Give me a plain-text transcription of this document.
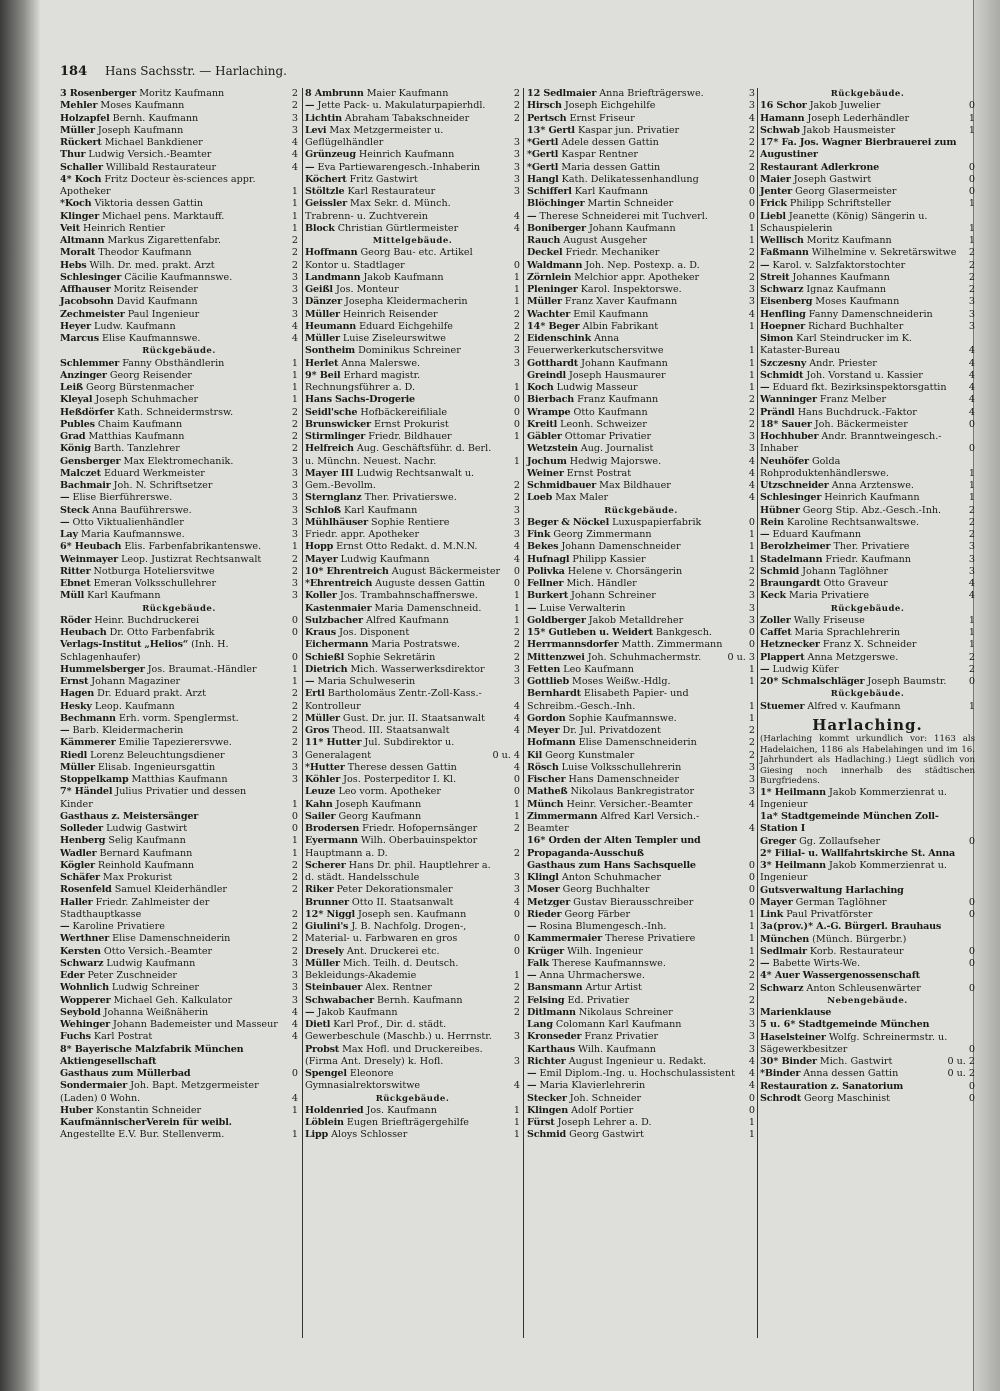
184 Hans Sachsstr. — Harlaching.
3 Rosenberger Moritz Kaufmann	2
Mehler Moses Kaufmann	2
Holzapfel Bernh. Kaufmann	3
Müller Joseph Kaufmann	3
Rückert Michael Bankdiener	4
Thur Ludwig Versich.-Beamter	4
Schaller Willibald Restaurateur	4
4* Koch Fritz Docteur ès-sciences appr. Apotheker	1
*Koch Viktoria dessen Gattin	1
Klinger Michael pens. Marktauff.	1
Veit Heinrich Rentier	1
Altmann Markus Zigarettenfabr.	2
Moralt Theodor Kaufmann	2
Hebs Wilh. Dr. med. prakt. Arzt	2
Schlesinger Cäcilie Kaufmannswe.	3
Affhauser Moritz Reisender	3
Jacobsohn David Kaufmann	3
Zechmeister Paul Ingenieur	3
Heyer Ludw. Kaufmann	4
Marcus Elise Kaufmannswe.	4
Rückgebäude.
Schlemmer Fanny Obsthändlerin	1
Anzinger Georg Reisender	1
Leiß Georg Bürstenmacher	1
Kleyal Joseph Schuhmacher	1
Heßdörfer Kath. Schneidermstrsw.	2
Publes Chaim Kaufmann	2
Grad Matthias Kaufmann	2
König Barth. Tanzlehrer	2
Gensberger Max Elektromechanik.	3
Malczet Eduard Werkmeister	3
Bachmair Joh. N. Schriftsetzer	3
— Elise Bierführerswe.	3
Steck Anna Bauführerswe.	3
— Otto Viktualienhändler	3
Lay Maria Kaufmannswe.	3
6* Heubach Elis. Farbenfabrikantenswe.	1
Weinmayer Leop. Justizrat Rechtsanwalt	2
Ritter Notburga Hoteliersvitwe	2
Ebnet Emeran Volksschullehrer	3
Müll Karl Kaufmann	3
Rückgebäude.
Röder Heinr. Buchdruckerei	0
Heubach Dr. Otto Farbenfabrik	0
Verlags-Institut „Helios“ (Inh. H. Schlagenhaufer)	0
Hummelsberger Jos. Braumat.-Händler	1
Ernst Johann Magaziner	1
Hagen Dr. Eduard prakt. Arzt	2
Hesky Leop. Kaufmann	2
Bechmann Erh. vorm. Spenglermst.	2
— Barb. Kleidermacherin	2
Kämmerer Emilie Tapezierersvwe.	2
Riedl Lorenz Beleuchtungsdiener	3
Müller Elisab. Ingenieursgattin	3
Stoppelkamp Matthias Kaufmann	3
7* Händel Julius Privatier und dessen Kinder	1
Gasthaus z. Meistersänger	0
Solleder Ludwig Gastwirt	0
Henberg Selig Kaufmann	1
Wadler Bernard Kaufmann	1
Kögler Reinhold Kaufmann	2
Schäfer Max Prokurist	2
Rosenfeld Samuel Kleiderhändler	2
Haller Friedr. Zahlmeister der Stadthauptkasse	2
— Karoline Privatiere	2
Werthner Elise Damenschneiderin	2
Kersten Otto Versich.-Beamter	2
Schwarz Ludwig Kaufmann	3
Eder Peter Zuschneider	3
Wohnlich Ludwig Schreiner	3
Wopperer Michael Geh. Kalkulator	3
Seybold Johanna Weißnäherin	4
Wehinger Johann Bademeister und Masseur 4
Fuchs Karl Postrat	4
8* Bayerische Malzfabrik München Aktiengesellschaft
Gasthaus zum Müllerbad	0
Sondermaier Joh. Bapt. Metzgermeister (Laden) 0 Wohn.	4
Huber Konstantin Schneider	1
KaufmännischerVerein für weibl. Angestellte E.V. Bur. Stellenverm.	1
8 Ambrunn Maier Kaufmann	2
— Jette Pack- u. Makulaturpapierhdl.	2
Lichtin Abraham Tabakschneider	2
Levi Max Metzgermeister u. Geflügelhändler	3
Grünzeug Heinrich Kaufmann	3
— Eva Partiewarengesch.-Inhaberin	3
Köchert Fritz Gastwirt	3
Stöltzle Karl Restaurateur	3
Geissler Max Sekr. d. Münch. Trabrenn- u. Zuchtverein	4
Block Christian Gürtlermeister	4
Mittelgebäude.
Hoffmann Georg Bau- etc. Artikel Kontor u. Stadtlager	0
Landmann Jakob Kaufmann	1
Geißl Jos. Monteur	1
Dänzer Josepha Kleidermacherin	1
Müller Heinrich Reisender	2
Heumann Eduard Eichgehilfe	2
Müller Luise Ziseleurswitwe	2
Sontheim Dominikus Schreiner	3
Herlet Anna Malerswe.	3
9* Beil Erhard magistr. Rechnungsführer a. D.	1
Hans Sachs-Drogerie	0
Seidl'sche Hofbäckereifiliale	0
Brunswicker Ernst Prokurist	0
Stirmlinger Friedr. Bildhauer	1
Helfreich Aug. Geschäftsführ. d. Berl. u. Münchn. Neuest. Nachr.	1
Mayer III Ludwig Rechtsanwalt u. Gem.-Bevollm.	2
Sternglanz Ther. Privatierswe.	2
Schloß Karl Kaufmann	3
Mühlhäuser Sophie Rentiere	3
Friedr. appr. Apotheker	3
Hopp Ernst Otto Redakt. d. M.N.N.	4
Mayer Ludwig Kaufmann	4
10* Ehrentreich August Bäckermeister 0
*Ehrentreich Auguste dessen Gattin	0
Koller Jos. Trambahnschaffnerswe.	1
Kastenmaier Maria Damenschneid.	1
Sulzbacher Alfred Kaufmann	1
Kraus Jos. Disponent	2
Eichermann Maria Postratswe.	2
Schießl Sophie Sekretärin	2
Dietrich Mich. Wasserwerksdirektor	3
— Maria Schulweserin	3
Ertl Bartholomäus Zentr.-Zoll-Kass.-Kontrolleur	4
Müller Gust. Dr. jur. II. Staatsanwalt	4
Gros Theod. III. Staatsanwalt	4
11* Hutter Jul. Subdirektor u. Generalagent	0 u. 4
*Hutter Therese dessen Gattin	4
Köhler Jos. Posterpeditor I. Kl.	0
Leuze Leo vorm. Apotheker	0
Kahn Joseph Kaufmann	1
Sailer Georg Kaufmann	1
Brodersen Friedr. Hofopernsänger	2
Eyermann Wilh. Oberbauinspektor Hauptmann a. D.	2
Scherer Hans Dr. phil. Hauptlehrer a. d. städt. Handelsschule	3
Riker Peter Dekorationsmaler	3
Brunner Otto II. Staatsanwalt	4
12* Niggl Joseph sen. Kaufmann	0
Giulini's J. B. Nachfolg. Drogen-, Material- u. Farbwaren en gros	0
Dresely Ant. Druckerei etc.	0
Müller Mich. Teilh. d. Deutsch. Bekleidungs-Akademie	1
Steinbauer Alex. Rentner	2
Schwabacher Bernh. Kaufmann	2
— Jakob Kaufmann	2
Dietl Karl Prof., Dir. d. städt. Gewerbeschule (Maschb.) u. Herrnstr. 3
Probst Max Hofl. und Druckereibes. (Firma Ant. Dresely) k. Hofl.	3
Spengel Eleonore Gymnasialrektorswitwe	4
Rückgebäude.
Holdenried Jos. Kaufmann	1
Löblein Eugen Briefträgergehilfe	1
Lipp Aloys Schlosser	1
12 Sedlmaier Anna Briefträgerswe.	3
Hirsch Joseph Eichgehilfe	3
Pertsch Ernst Friseur	4
13* Gertl Kaspar jun. Privatier	2
*Gertl Adele dessen Gattin	2
*Gertl Kaspar Rentner	2
*Gertl Maria dessen Gattin	2
Hangl Kath. Delikatessenhandlung	0
Schifferl Karl Kaufmann	0
Blöchinger Martin Schneider	0
— Therese Schneiderei mit Tuchverl.	0
Boniberger Johann Kaufmann	1
Rauch August Ausgeher	1
Deckel Friedr. Mechaniker	2
Waldmann Joh. Nep. Postexp. a. D.	2
Zörnlein Melchior appr. Apotheker	2
Pleninger Karol. Inspektorswe.	3
Müller Franz Xaver Kaufmann	3
Wachter Emil Kaufmann	4
14* Beger Albin Fabrikant	1
Eidenschink Anna Feuerwerkerkutschersvitwe	1
Gotthardt Johann Kaufmann	1
Greindl Joseph Hausmaurer	1
Koch Ludwig Masseur	1
Bierbach Franz Kaufmann	2
Wrampe Otto Kaufmann	2
Kreitl Leonh. Schweizer	2
Gäbler Ottomar Privatier	3
Wetzstein Aug. Journalist	3
Jochum Hedwig Majorswe.	4
Weiner Ernst Postrat	4
Schmidbauer Max Bildhauer	4
Loeb Max Maler	4
Rückgebäude.
Beger & Nöckel Luxuspapierfabrik	0
Fink Georg Zimmermann	1
Bekes Johann Damenschneider	1
Hufnagl Philipp Kassier	1
Polivka Helene v. Chorsängerin	2
Fellner Mich. Händler	2
Burkert Johann Schreiner	3
— Luise Verwalterin	3
Goldberger Jakob Metalldreher	3
15* Gutleben u. Weidert Bankgesch.	0
Herrmannsdorfer Matth. Zimmermann	0
Mittenzwei Joh. Schuhmachermstr.	0 u. 3
Fetten Leo Kaufmann	1
Gottlieb Moses Weißw.-Hdlg.	1
Bernhardt Elisabeth Papier- und Schreibm.-Gesch.-Inh.	1
Gordon Sophie Kaufmannswe.	1
Meyer Dr. Jul. Privatdozent	2
Hofmann Elise Damenschneiderin	2
Kil Georg Kunstmaler	2
Rösch Luise Volksschullehrerin	3
Fischer Hans Damenschneider	3
Matheß Nikolaus Bankregistrator	3
Münch Heinr. Versicher.-Beamter	4
Zimmermann Alfred Karl Versich.-Beamter	4
16* Orden der Alten Templer und Propaganda-Ausschuß
Gasthaus zum Hans Sachsquelle	0
Klingl Anton Schuhmacher	0
Moser Georg Buchhalter	0
Metzger Gustav Bierausschreiber	0
Rieder Georg Färber	1
— Rosina Blumengesch.-Inh.	1
Kammermaier Therese Privatiere	1
Krüger Wilh. Ingenieur	1
Falk Therese Kaufmannswe.	2
— Anna Uhrmacherswe.	2
Bansmann Artur Artist	2
Felsing Ed. Privatier	2
Ditlmann Nikolaus Schreiner	3
Lang Colomann Karl Kaufmann	3
Kronseder Franz Privatier	3
Karthaus Wilh. Kaufmann	3
Richter August Ingenieur u. Redakt.	4
— Emil Diplom.-Ing. u. Hochschulassistent 4
— Maria Klavierlehrerin	4
Stecker Joh. Schneider	0
Klingen Adolf Portier	0
Fürst Joseph Lehrer a. D.	1
Schmid Georg Gastwirt	1
Rückgebäude.
16 Schor Jakob Juwelier	0
Hamann Joseph Lederhändler	1
Schwab Jakob Hausmeister	1
17* Fa. Jos. Wagner Bierbrauerei zum Augustiner
Restaurant Adlerkrone	0
Maier Joseph Gastwirt	0
Jenter Georg Glasermeister	0
Frick Philipp Schriftsteller	1
Liebl Jeanette (König) Sängerin u. Schauspielerin	1
Wellisch Moritz Kaufmann	1
Faßmann Wilhelmine v. Sekretärswitwe 2
— Karol. v. Salzfaktorstochter	2
Streit Johannes Kaufmann	2
Schwarz Ignaz Kaufmann	2
Eisenberg Moses Kaufmann	3
Henfling Fanny Damenschneiderin	3
Hoepner Richard Buchhalter	3
Simon Karl Steindrucker im K. Kataster-Bureau	4
Szczesny Andr. Priester	4
Schmidt Joh. Vorstand u. Kassier	4
— Eduard fkt. Bezirksinspektorsgattin 4
Wanninger Franz Melber	4
Prändl Hans Buchdruck.-Faktor	4
18* Sauer Joh. Bäckermeister	0
Hochhuber Andr. Branntweingesch.-Inhaber	0
Neuhöfer Golda Rohproduktenhändlerswe.	1
Utzschneider Anna Arztenswe.	1
Schlesinger Heinrich Kaufmann	1
Hübner Georg Stip. Abz.-Gesch.-Inh.	2
Rein Karoline Rechtsanwaltswe.	2
— Eduard Kaufmann	2
Berolzheimer Ther. Privatiere	3
Stadelmann Friedr. Kaufmann	3
Schmid Johann Taglöhner	3
Braungardt Otto Graveur	4
Keck Maria Privatiere	4
Rückgebäude.
Zoller Wally Friseuse	1
Caffet Maria Sprachlehrerin	1
Hetznecker Franz X. Schneider	1
Plappert Anna Metzgerswe.	2
— Ludwig Küfer	2
20* Schmalschläger Joseph Baumstr. 0
Rückgebäude.
Stuemer Alfred v. Kaufmann	1
Harlaching.
(Harlaching kommt urkundlich vor: 1163 als Hadelaichen, 1186 als Habelahingen und im 16. Jahrhundert als Hadlaching.) Liegt südlich von Giesing noch innerhalb des städtischen Burgfriedens.
1* Heilmann Jakob Kommerzienrat u. Ingenieur
1a* Stadtgemeinde München Zoll-Station I
Greger Gg. Zollaufseher	0
2* Filial- u. Wallfahrtskirche St. Anna
3* Heilmann Jakob Kommerzienrat u. Ingenieur
Gutsverwaltung Harlaching
Mayer German Taglöhner	0
Link Paul Privatförster	0
3a(prov.)* A.-G. Bürgerl. Brauhaus München (Münch. Bürgerbr.)
Sedlmair Korb. Restaurateur	0
— Babette Wirts-We.	0
4* Auer Wassergenossenschaft
Schwarz Anton Schleusenwärter	0
Nebengebäude.
Marienklause
5 u. 6* Stadtgemeinde München
Haselsteiner Wolfg. Schreinermstr. u. Sägewerkbesitzer	0
30* Binder Mich. Gastwirt	0 u. 2
*Binder Anna dessen Gattin	0 u. 2
Restauration z. Sanatorium	0
Schrodt Georg Maschinist	0
